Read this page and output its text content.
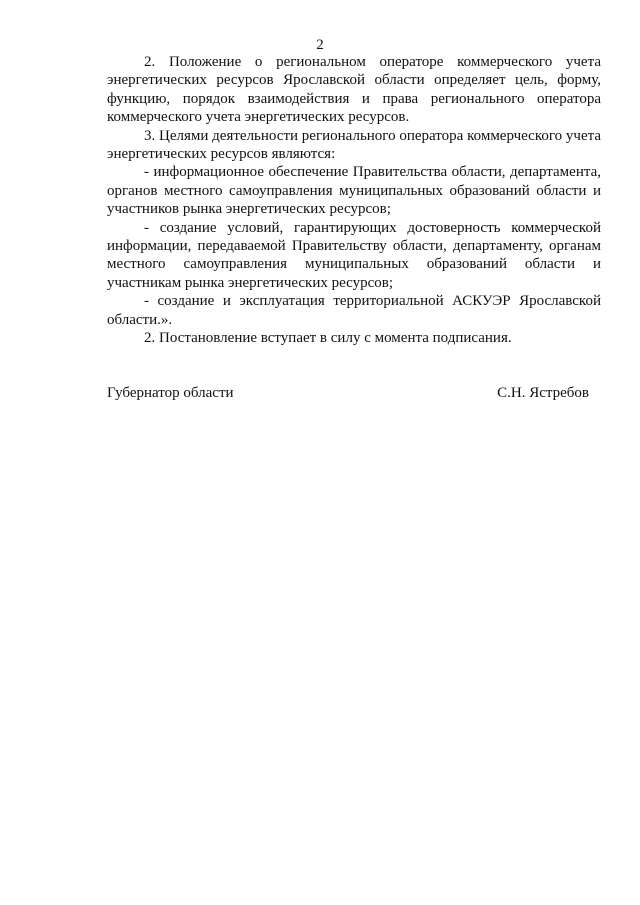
2

2. Положение о региональном операторе коммерческого учета энергетических ресурсов Ярославской области определяет цель, форму, функцию, порядок взаимодействия и права регионального оператора коммерческого учета энергетических ресурсов.

3. Целями деятельности регионального оператора коммерческого учета энергетических ресурсов являются:

- информационное обеспечение Правительства области, департамента, органов местного самоуправления муниципальных образований области и участников рынка энергетических ресурсов;

- создание условий, гарантирующих достоверность коммерческой информации, передаваемой Правительству области, департаменту, органам местного самоуправления муниципальных образований области и участникам рынка энергетических ресурсов;

- создание и эксплуатация территориальной АСКУЭР Ярославской области.».

2. Постановление вступает в силу с момента подписания.

Губернатор области	С.Н. Ястребов
